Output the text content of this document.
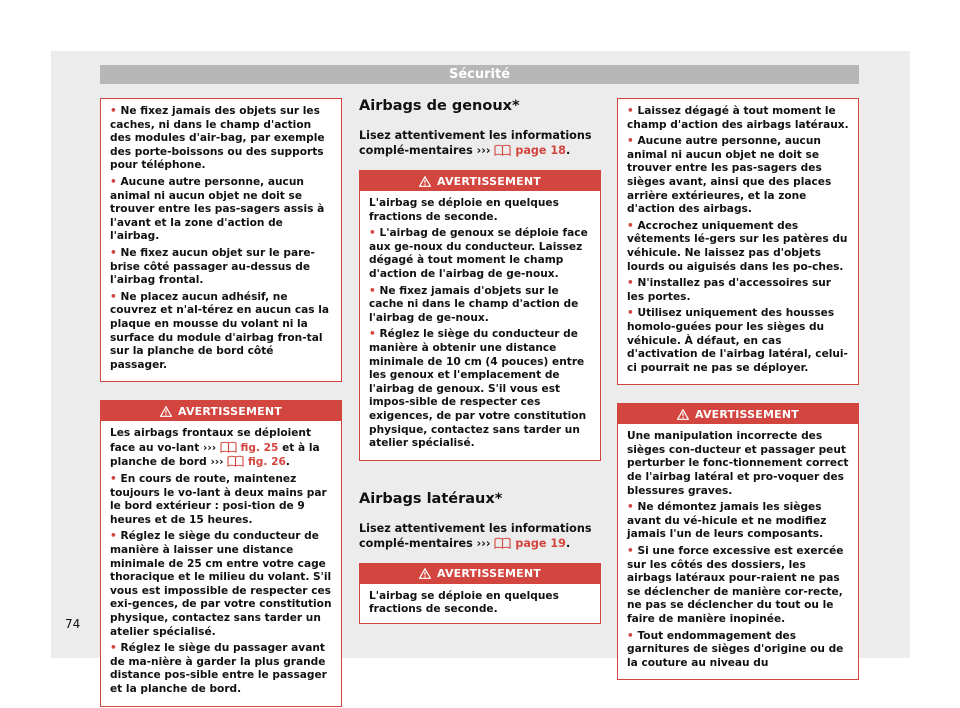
Sécurité

• Ne fixez jamais des objets sur les caches, ni dans le champ d'action des modules d'air-bag, par exemple des porte-boissons ou des supports pour téléphone.

• Aucune autre personne, aucun animal ni aucun objet ne doit se trouver entre les pas-sagers assis à l'avant et la zone d'action de l'airbag.

• Ne fixez aucun objet sur le pare-brise côté passager au-dessus de l'airbag frontal.

• Ne placez aucun adhésif, ne couvrez et n'al-térez en aucun cas la plaque en mousse du volant ni la surface du module d'airbag fron-tal sur la planche de bord côté passager.

AVERTISSEMENT

Les airbags frontaux se déploient face au vo-lant ››› fig. 25 et à la planche de bord ››› fig. 26.

• En cours de route, maintenez toujours le vo-lant à deux mains par le bord extérieur : posi-tion de 9 heures et de 15 heures.

• Réglez le siège du conducteur de manière à laisser une distance minimale de 25 cm entre votre cage thoracique et le milieu du volant. S'il vous est impossible de respecter ces exi-gences, de par votre constitution physique, contactez sans tarder un atelier spécialisé.

• Réglez le siège du passager avant de ma-nière à garder la plus grande distance pos-sible entre le passager et la planche de bord.

Airbags de genoux*
Lisez attentivement les informations complé-mentaires ››› page 18.
AVERTISSEMENT

L'airbag se déploie en quelques fractions de seconde.

• L'airbag de genoux se déploie face aux ge-noux du conducteur. Laissez dégagé à tout moment le champ d'action de l'airbag de ge-noux.

• Ne fixez jamais d'objets sur le cache ni dans le champ d'action de l'airbag de ge-noux.

• Réglez le siège du conducteur de manière à obtenir une distance minimale de 10 cm (4 pouces) entre les genoux et l'emplacement de l'airbag de genoux. S'il vous est impos-sible de respecter ces exigences, de par votre constitution physique, contactez sans tarder un atelier spécialisé.

Airbags latéraux*
Lisez attentivement les informations complé-mentaires ››› page 19.
AVERTISSEMENT

L'airbag se déploie en quelques fractions de seconde.

• Laissez dégagé à tout moment le champ d'action des airbags latéraux.

• Aucune autre personne, aucun animal ni aucun objet ne doit se trouver entre les pas-sagers des sièges avant, ainsi que des places arrière extérieures, et la zone d'action des airbags.

• Accrochez uniquement des vêtements lé-gers sur les patères du véhicule. Ne laissez pas d'objets lourds ou aiguisés dans les po-ches.

• N'installez pas d'accessoires sur les portes.

• Utilisez uniquement des housses homolo-guées pour les sièges du véhicule. À défaut, en cas d'activation de l'airbag latéral, celui-ci pourrait ne pas se déployer.

AVERTISSEMENT

Une manipulation incorrecte des sièges con-ducteur et passager peut perturber le fonc-tionnement correct de l'airbag latéral et pro-voquer des blessures graves.

• Ne démontez jamais les sièges avant du vé-hicule et ne modifiez jamais l'un de leurs composants.

• Si une force excessive est exercée sur les côtés des dossiers, les airbags latéraux pour-raient ne pas se déclencher de manière cor-recte, ne pas se déclencher du tout ou le faire de manière inopinée.

• Tout endommagement des garnitures de sièges d'origine ou de la couture au niveau du

74
